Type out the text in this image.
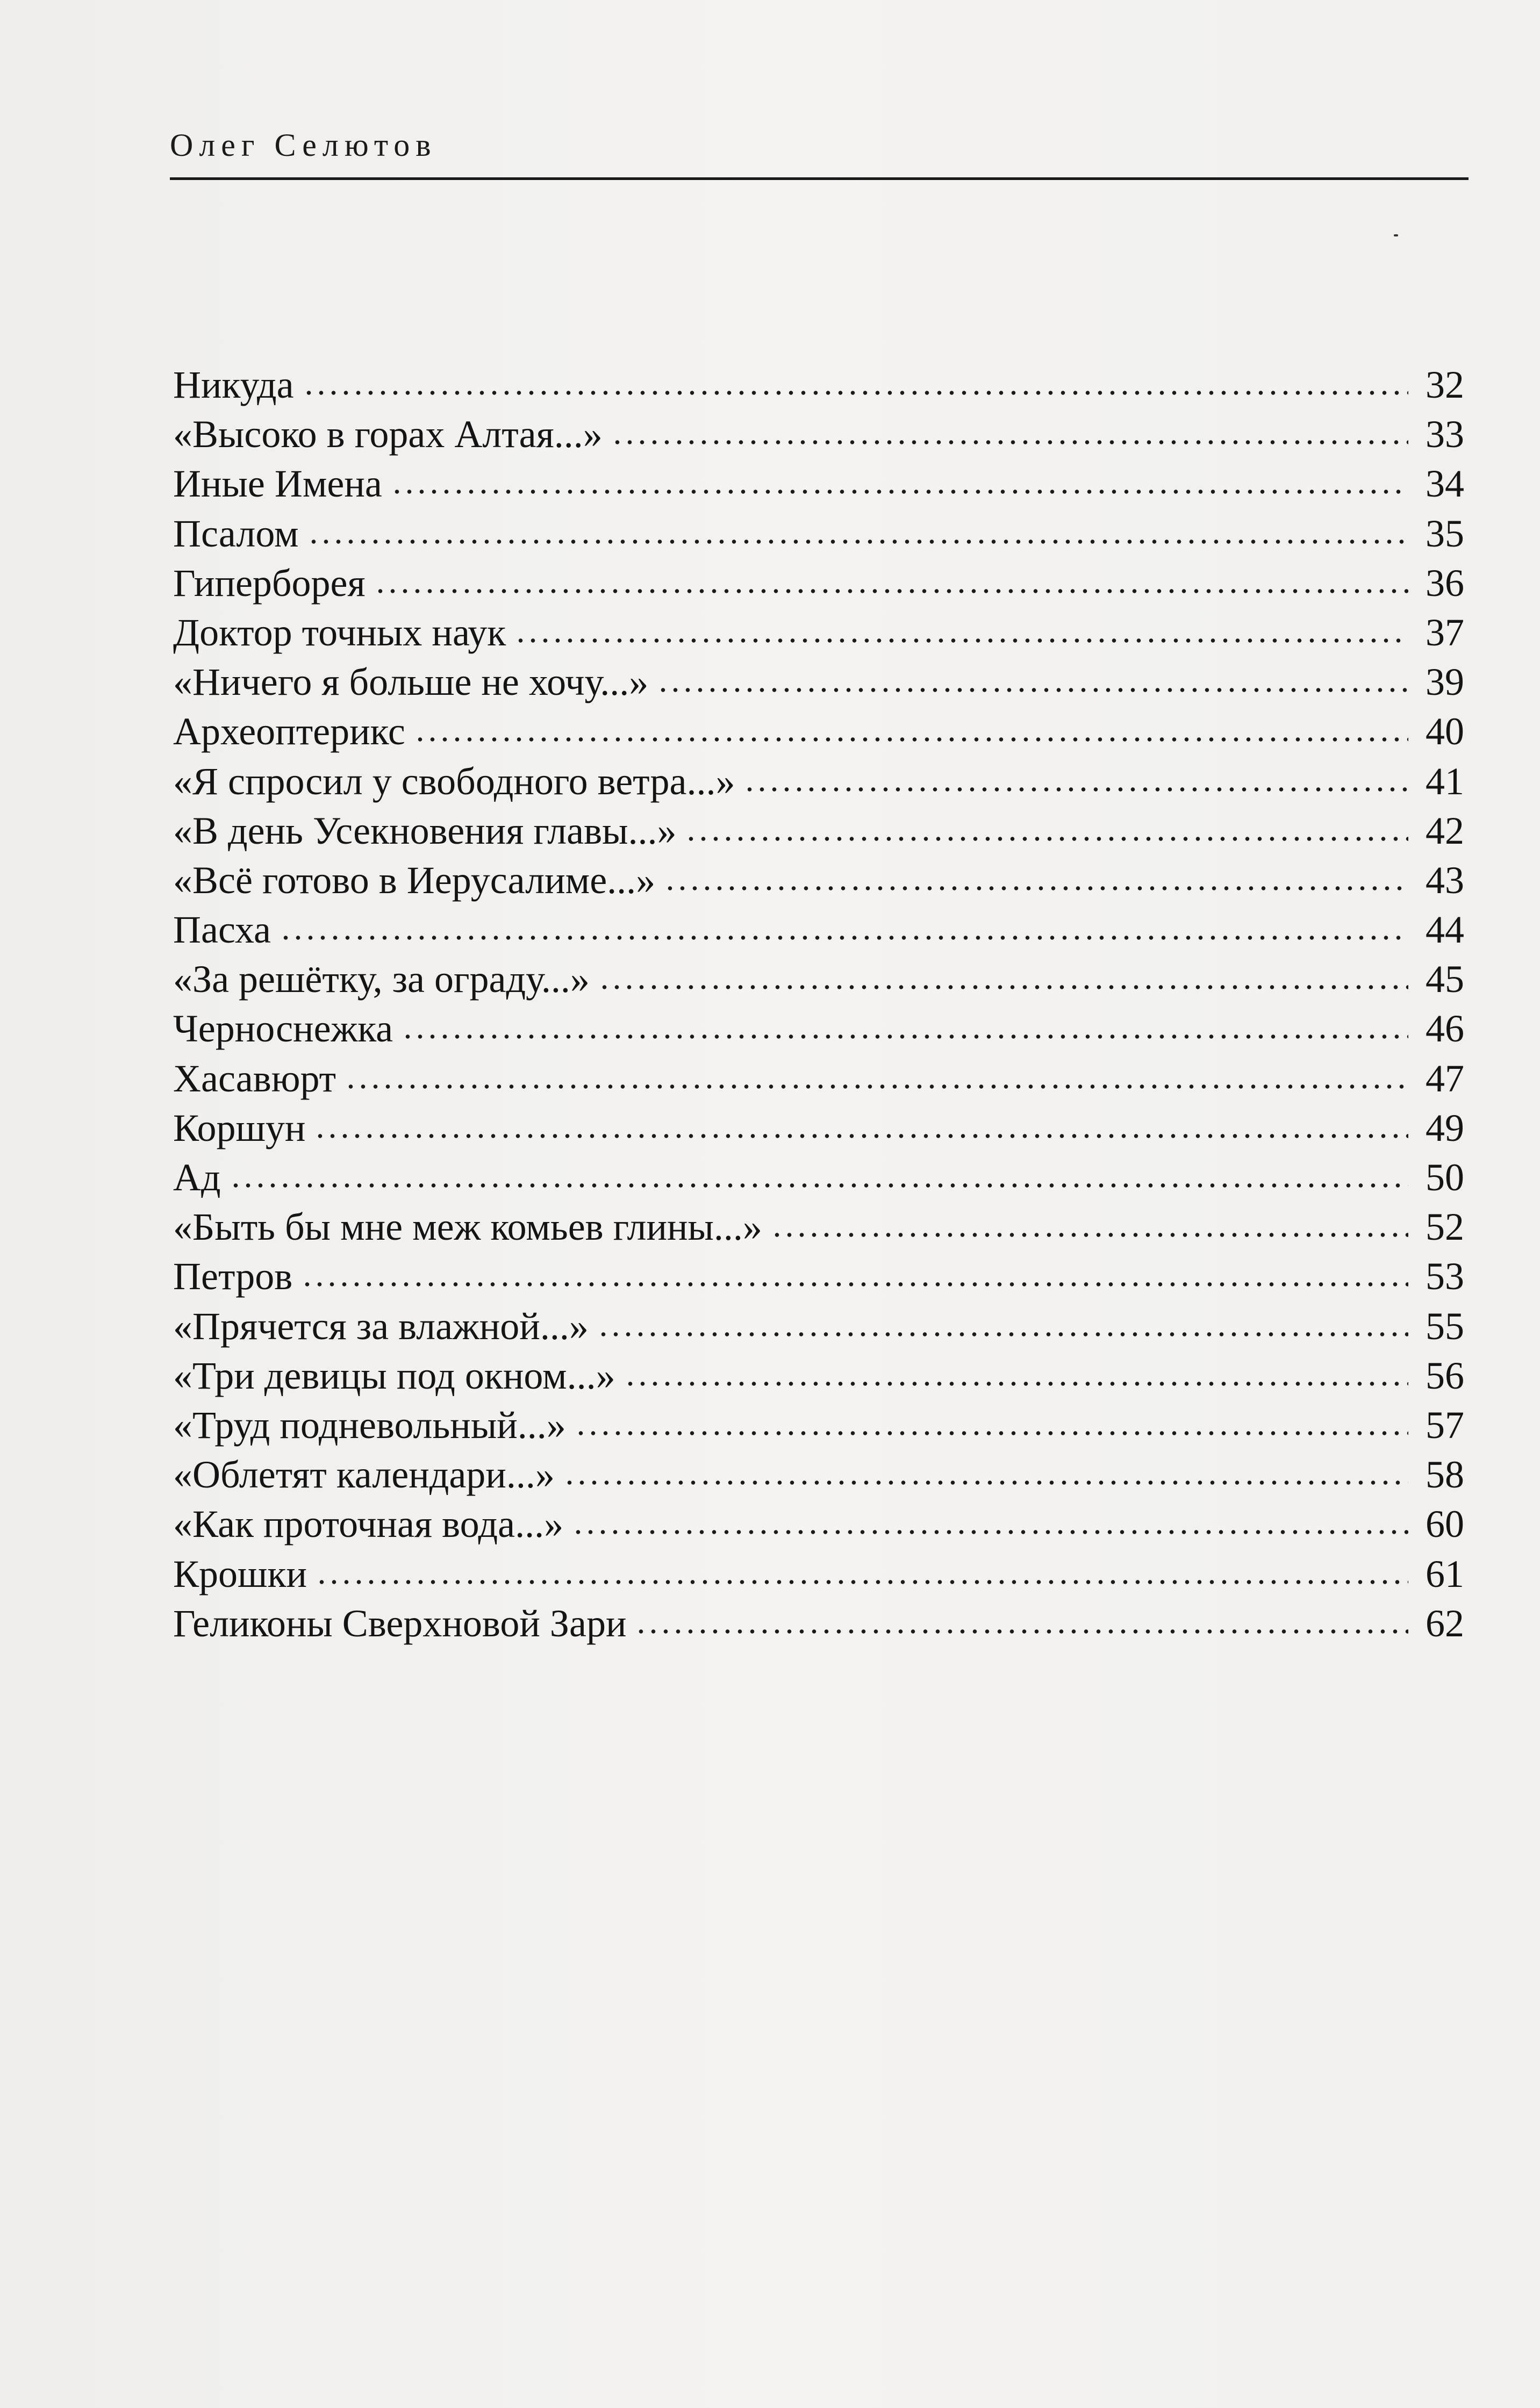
Олег Селютов
Никуда	32
«Высоко в горах Алтая...»	33
Иные Имена	34
Псалом	35
Гиперборея	36
Доктор точных наук	37
«Ничего я больше не хочу...»	39
Археоптерикс	40
«Я спросил у свободного ветра...»	41
«В день Усекновения главы...»	42
«Всё готово в Иерусалиме...»	43
Пасха	44
«За решётку, за ограду...»	45
Черноснежка	46
Хасавюрт	47
Коршун	49
Ад	50
«Быть бы мне меж комьев глины...»	52
Петров	53
«Прячется за влажной...»	55
«Три девицы под окном...»	56
«Труд подневольный...»	57
«Облетят календари...»	58
«Как проточная вода...»	60
Крошки	61
Геликоны Сверхновой Зари	62
